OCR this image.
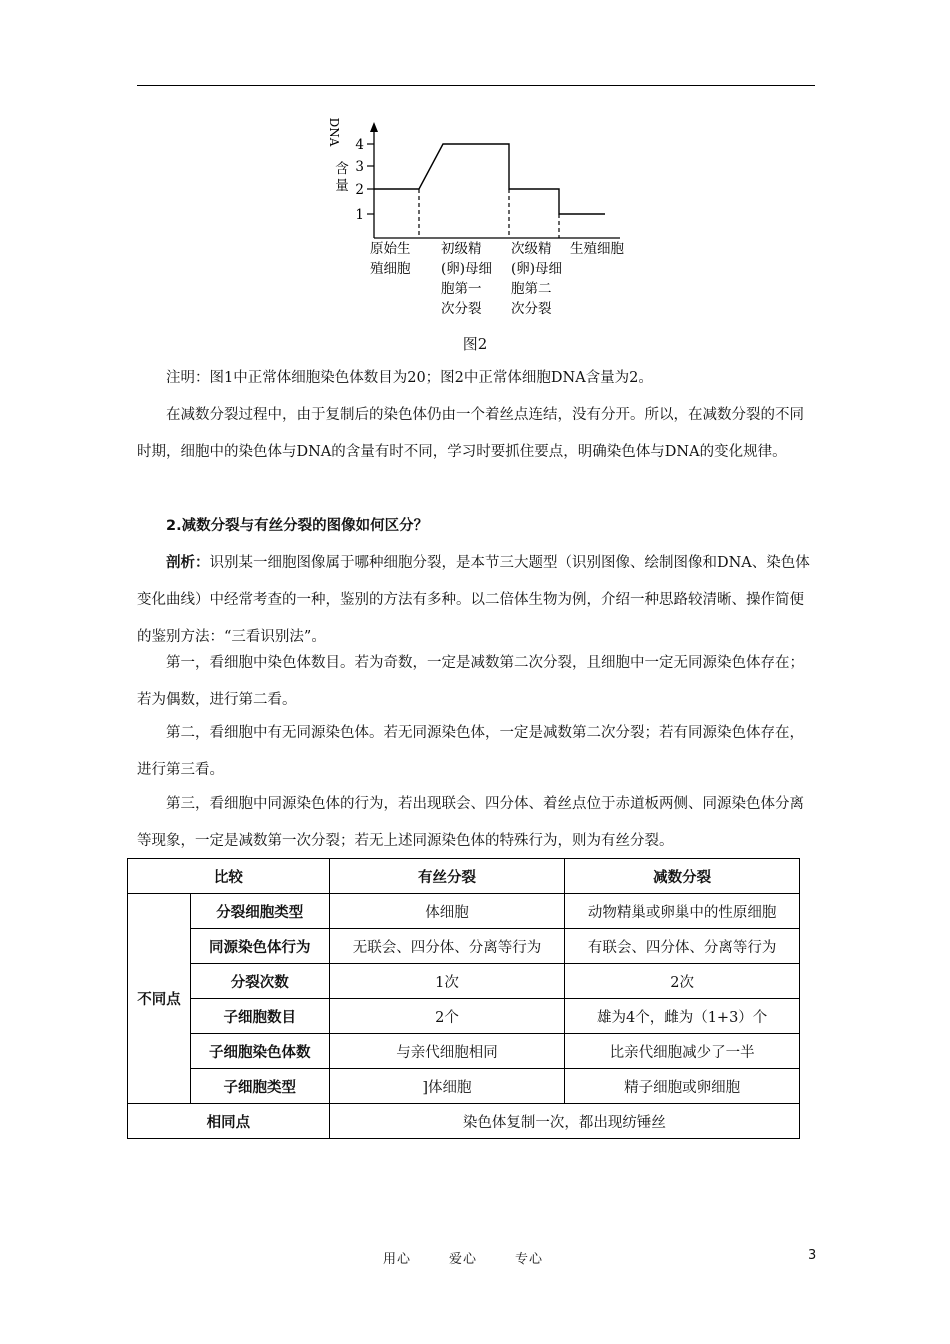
DNA
含
量
1
2
3
4
原始生
殖细胞
初级精
(卵)母细
胞第一
次分裂
次级精
(卵)母细
胞第二
次分裂
生殖细胞
图2

注明：图1中正常体细胞染色体数目为20；图2中正常体细胞DNA含量为2。

在减数分裂过程中，由于复制后的染色体仍由一个着丝点连结，没有分开。所以，在减数分裂的不同时期，细胞中的染色体与DNA的含量有时不同，学习时要抓住要点，明确染色体与DNA的变化规律。

2.减数分裂与有丝分裂的图像如何区分？

剖析：识别某一细胞图像属于哪种细胞分裂，是本节三大题型（识别图像、绘制图像和DNA、染色体变化曲线）中经常考查的一种，鉴别的方法有多种。以二倍体生物为例，介绍一种思路较清晰、操作简便的鉴别方法：“三看识别法”。

第一，看细胞中染色体数目。若为奇数，一定是减数第二次分裂，且细胞中一定无同源染色体存在；若为偶数，进行第二看。

第二，看细胞中有无同源染色体。若无同源染色体，一定是减数第二次分裂；若有同源染色体存在，进行第三看。

第三，看细胞中同源染色体的行为，若出现联会、四分体、着丝点位于赤道板两侧、同源染色体分离等现象，一定是减数第一次分裂；若无上述同源染色体的特殊行为，则为有丝分裂。

比较		有丝分裂	减数分裂
不同点	分裂细胞类型	体细胞	动物精巢或卵巢中的性原细胞
	同源染色体行为	无联会、四分体、分离等行为	有联会、四分体、分离等行为
	分裂次数	1次	2次
	子细胞数目	2个	雄为4个，雌为（1+3）个
	子细胞染色体数	与亲代细胞相同	比亲代细胞减少了一半
	子细胞类型	]体细胞	精子细胞或卵细胞
相同点		染色体复制一次，都出现纺锤丝	
用心	爱心	专心	3
